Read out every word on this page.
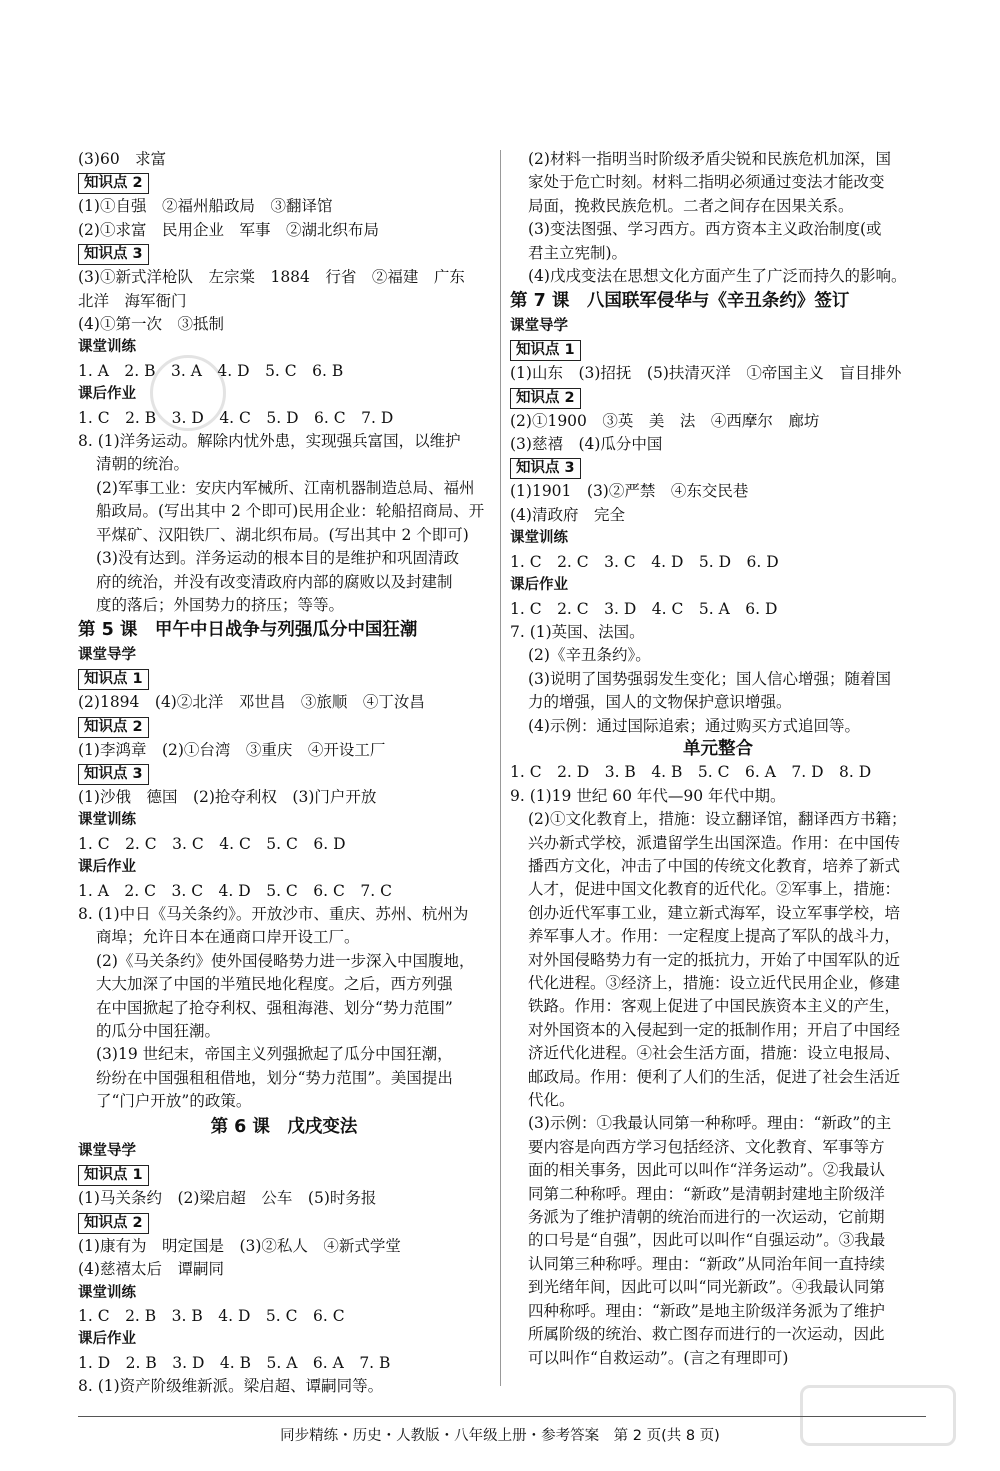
(3)60　求富
知识点 2
(1)①自强　②福州船政局　③翻译馆
(2)①求富　民用企业　军事　②湖北织布局
知识点 3
(3)①新式洋枪队　左宗棠　1884　行省　②福建　广东
北洋　海军衙门
(4)①第一次　③抵制
课堂训练
1. A　2. B　3. A　4. D　5. C　6. B
课后作业
1. C　2. B　3. D　4. C　5. D　6. C　7. D
8. (1)洋务运动。解除内忧外患，实现强兵富国，以维护
清朝的统治。
(2)军事工业：安庆内军械所、江南机器制造总局、福州
船政局。(写出其中 2 个即可)民用企业：轮船招商局、开
平煤矿、汉阳铁厂、湖北织布局。(写出其中 2 个即可)
(3)没有达到。洋务运动的根本目的是维护和巩固清政
府的统治，并没有改变清政府内部的腐败以及封建制
度的落后；外国势力的挤压；等等。
第 5 课　甲午中日战争与列强瓜分中国狂潮
课堂导学
知识点 1
(2)1894　(4)②北洋　邓世昌　③旅顺　④丁汝昌
知识点 2
(1)李鸿章　(2)①台湾　③重庆　④开设工厂
知识点 3
(1)沙俄　德国　(2)抢夺利权　(3)门户开放
课堂训练
1. C　2. C　3. C　4. C　5. C　6. D
课后作业
1. A　2. C　3. C　4. D　5. C　6. C　7. C
8. (1)中日《马关条约》。开放沙市、重庆、苏州、杭州为
商埠；允许日本在通商口岸开设工厂。
(2)《马关条约》使外国侵略势力进一步深入中国腹地，
大大加深了中国的半殖民地化程度。之后，西方列强
在中国掀起了抢夺利权、强租海港、划分“势力范围”
的瓜分中国狂潮。
(3)19 世纪末，帝国主义列强掀起了瓜分中国狂潮，
纷纷在中国强租租借地，划分“势力范围”。美国提出
了“门户开放”的政策。
第 6 课　戊戌变法
课堂导学
知识点 1
(1)马关条约　(2)梁启超　公车　(5)时务报
知识点 2
(1)康有为　明定国是　(3)②私人　④新式学堂
(4)慈禧太后　谭嗣同
课堂训练
1. C　2. B　3. B　4. D　5. C　6. C
课后作业
1. D　2. B　3. D　4. B　5. A　6. A　7. B
8. (1)资产阶级维新派。梁启超、谭嗣同等。
(2)材料一指明当时阶级矛盾尖锐和民族危机加深，国
家处于危亡时刻。材料二指明必须通过变法才能改变
局面，挽救民族危机。二者之间存在因果关系。
(3)变法图强、学习西方。西方资本主义政治制度(或
君主立宪制)。
(4)戊戌变法在思想文化方面产生了广泛而持久的影响。
第 7 课　八国联军侵华与《辛丑条约》签订
课堂导学
知识点 1
(1)山东　(3)招抚　(5)扶清灭洋　①帝国主义　盲目排外
知识点 2
(2)①1900　③英　美　法　④西摩尔　廊坊
(3)慈禧　(4)瓜分中国
知识点 3
(1)1901　(3)②严禁　④东交民巷
(4)清政府　完全
课堂训练
1. C　2. C　3. C　4. D　5. D　6. D
课后作业
1. C　2. C　3. D　4. C　5. A　6. D
7. (1)英国、法国。
(2)《辛丑条约》。
(3)说明了国势强弱发生变化；国人信心增强；随着国
力的增强，国人的文物保护意识增强。
(4)示例：通过国际追索；通过购买方式追回等。
单元整合
1. C　2. D　3. B　4. B　5. C　6. A　7. D　8. D
9. (1)19 世纪 60 年代—90 年代中期。
(2)①文化教育上，措施：设立翻译馆，翻译西方书籍；
兴办新式学校，派遣留学生出国深造。作用：在中国传
播西方文化，冲击了中国的传统文化教育，培养了新式
人才，促进中国文化教育的近代化。②军事上，措施：
创办近代军事工业，建立新式海军，设立军事学校，培
养军事人才。作用：一定程度上提高了军队的战斗力，
对外国侵略势力有一定的抵抗力，开始了中国军队的近
代化进程。③经济上，措施：设立近代民用企业，修建
铁路。作用：客观上促进了中国民族资本主义的产生，
对外国资本的入侵起到一定的抵制作用；开启了中国经
济近代化进程。④社会生活方面，措施：设立电报局、
邮政局。作用：便利了人们的生活，促进了社会生活近
代化。
(3)示例：①我最认同第一种称呼。理由：“新政”的主
要内容是向西方学习包括经济、文化教育、军事等方
面的相关事务，因此可以叫作“洋务运动”。②我最认
同第二种称呼。理由：“新政”是清朝封建地主阶级洋
务派为了维护清朝的统治而进行的一次运动，它前期
的口号是“自强”，因此可以叫作“自强运动”。③我最
认同第三种称呼。理由：“新政”从同治年间一直持续
到光绪年间，因此可以叫“同光新政”。④我最认同第
四种称呼。理由：“新政”是地主阶级洋务派为了维护
所属阶级的统治、救亡图存而进行的一次运动，因此
可以叫作“自救运动”。(言之有理即可)
同步精练・历史・人教版・八年级上册・参考答案　第 2 页(共 8 页)
